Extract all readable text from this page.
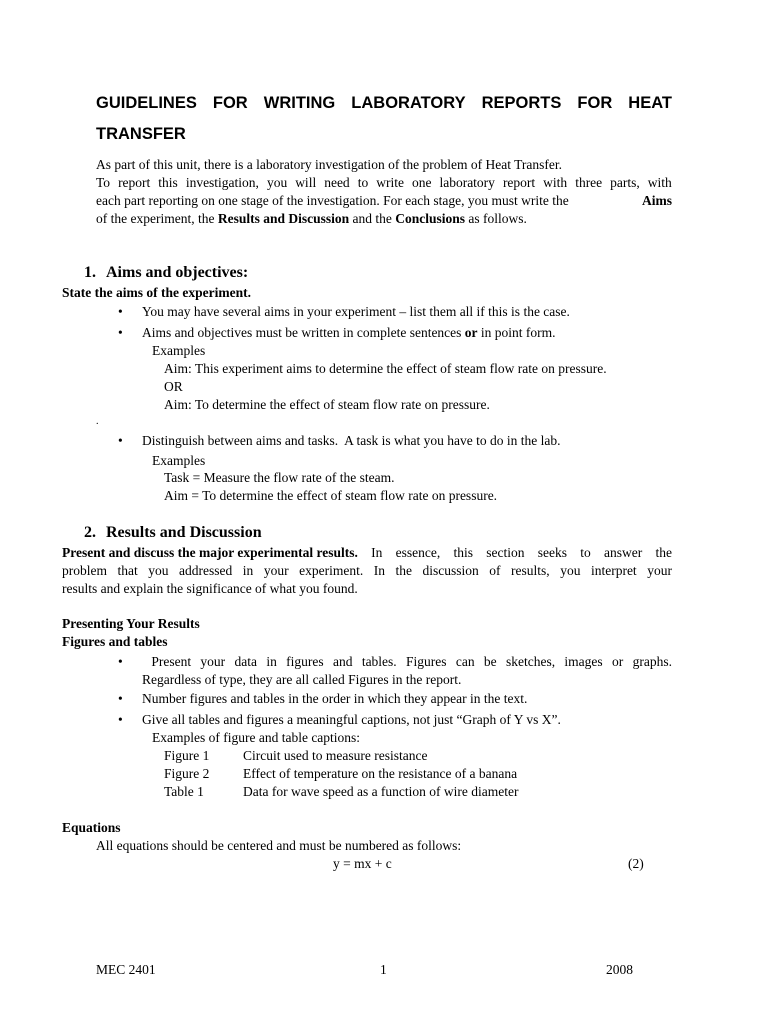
GUIDELINES FOR WRITING LABORATORY REPORTS FOR HEAT
TRANSFER
As part of this unit, there is a laboratory investigation of the problem of Heat Transfer.
To report this investigation, you will need to write one laboratory report with three parts, with
each part reporting on one stage of the investigation. For each stage, you must write the	Aims
of the experiment, the Results and Discussion and the Conclusions as follows.
1. Aims and objectives:
State the aims of the experiment.
• You may have several aims in your experiment – list them all if this is the case.
• Aims and objectives must be written in complete sentences or in point form.
Examples
Aim: This experiment aims to determine the effect of steam flow rate on pressure.
OR
Aim: To determine the effect of steam flow rate on pressure.
.
• Distinguish between aims and tasks.  A task is what you have to do in the lab.
Examples
Task = Measure the flow rate of the steam.
Aim = To determine the effect of steam flow rate on pressure.
2. Results and Discussion
Present and discuss the major experimental results. In essence, this section seeks to answer the
problem that you addressed in your experiment. In the discussion of results, you interpret your
results and explain the significance of what you found.
Presenting Your Results
Figures and tables
•	Present your data in figures and tables. Figures can be sketches, images or graphs.
Regardless of type, they are all called Figures in the report.
• Number figures and tables in the order in which they appear in the text.
• Give all tables and figures a meaningful captions, not just “Graph of Y vs X”.
Examples of figure and table captions:
Figure 1 Circuit used to measure resistance
Figure 2 Effect of temperature on the resistance of a banana
Table 1	Data for wave speed as a function of wire diameter
Equations
All equations should be centered and must be numbered as follows:
y = mx + c	(2)
MEC 2401	1	2008
